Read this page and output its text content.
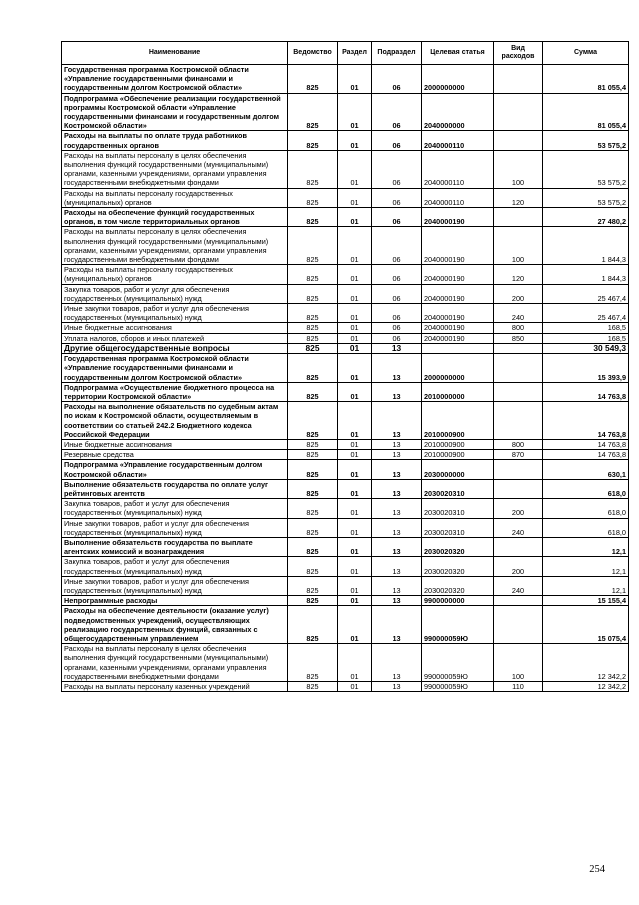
Наименование	Ведомство	Раздел	Подраздел	Целевая статья	Вид расходов	Сумма
Государственная программа Костромской области «Управление государственными финансами и государственным долгом Костромской области»	825	01	06	2000000000		81 055,4
Подпрограмма «Обеспечение реализации государственной программы Костромской области «Управление государственными финансами и государственным долгом Костромской области»	825	01	06	2040000000		81 055,4
Расходы на выплаты по оплате труда работников государственных органов	825	01	06	2040000110		53 575,2
Расходы на выплаты персоналу в целях обеспечения выполнения функций государственными (муниципальными) органами, казенными учреждениями, органами управления государственными внебюджетными фондами	825	01	06	2040000110	100	53 575,2
Расходы на выплаты персоналу государственных (муниципальных) органов	825	01	06	2040000110	120	53 575,2
Расходы на обеспечение функций государственных органов, в том числе территориальных органов	825	01	06	2040000190		27 480,2
Расходы на выплаты персоналу в целях обеспечения выполнения функций государственными (муниципальными) органами, казенными учреждениями, органами управления государственными внебюджетными фондами	825	01	06	2040000190	100	1 844,3
Расходы на выплаты персоналу государственных (муниципальных) органов	825	01	06	2040000190	120	1 844,3
Закупка товаров, работ и услуг для обеспечения государственных (муниципальных) нужд	825	01	06	2040000190	200	25 467,4
Иные закупки товаров, работ и услуг для обеспечения государственных (муниципальных) нужд	825	01	06	2040000190	240	25 467,4
Иные бюджетные ассигнования	825	01	06	2040000190	800	168,5
Уплата налогов, сборов и иных платежей	825	01	06	2040000190	850	168,5
Другие общегосударственные вопросы	825	01	13			30 549,3
Государственная программа Костромской области «Управление государственными финансами и государственным долгом Костромской области»	825	01	13	2000000000		15 393,9
Подпрограмма «Осуществление бюджетного процесса на территории Костромской области»	825	01	13	2010000000		14 763,8
Расходы на выполнение обязательств по судебным актам по искам к Костромской области, осуществляемым в соответствии со статьей 242.2 Бюджетного кодекса Российской Федерации	825	01	13	2010000900		14 763,8
Иные бюджетные ассигнования	825	01	13	2010000900	800	14 763,8
Резервные средства	825	01	13	2010000900	870	14 763,8
Подпрограмма «Управление государственным долгом Костромской области»	825	01	13	2030000000		630,1
Выполнение обязательств государства по оплате услуг рейтинговых агентств	825	01	13	2030020310		618,0
Закупка товаров, работ и услуг для обеспечения государственных (муниципальных) нужд	825	01	13	2030020310	200	618,0
Иные закупки товаров, работ и услуг для обеспечения государственных (муниципальных) нужд	825	01	13	2030020310	240	618,0
Выполнение обязательств государства по выплате агентских комиссий и вознаграждения	825	01	13	2030020320		12,1
Закупка товаров, работ и услуг для обеспечения государственных (муниципальных) нужд	825	01	13	2030020320	200	12,1
Иные закупки товаров, работ и услуг для обеспечения государственных (муниципальных) нужд	825	01	13	2030020320	240	12,1
Непрограммные расходы	825	01	13	9900000000		15 155,4
Расходы на обеспечение деятельности (оказание услуг) подведомственных учреждений, осуществляющих реализацию государственных функций, связанных с общегосударственным управлением	825	01	13	990000059Ю		15 075,4
Расходы на выплаты персоналу в целях обеспечения выполнения функций государственными (муниципальными) органами, казенными учреждениями, органами управления государственными внебюджетными фондами	825	01	13	990000059Ю	100	12 342,2
Расходы на выплаты персоналу казенных учреждений	825	01	13	990000059Ю	110	12 342,2
254
